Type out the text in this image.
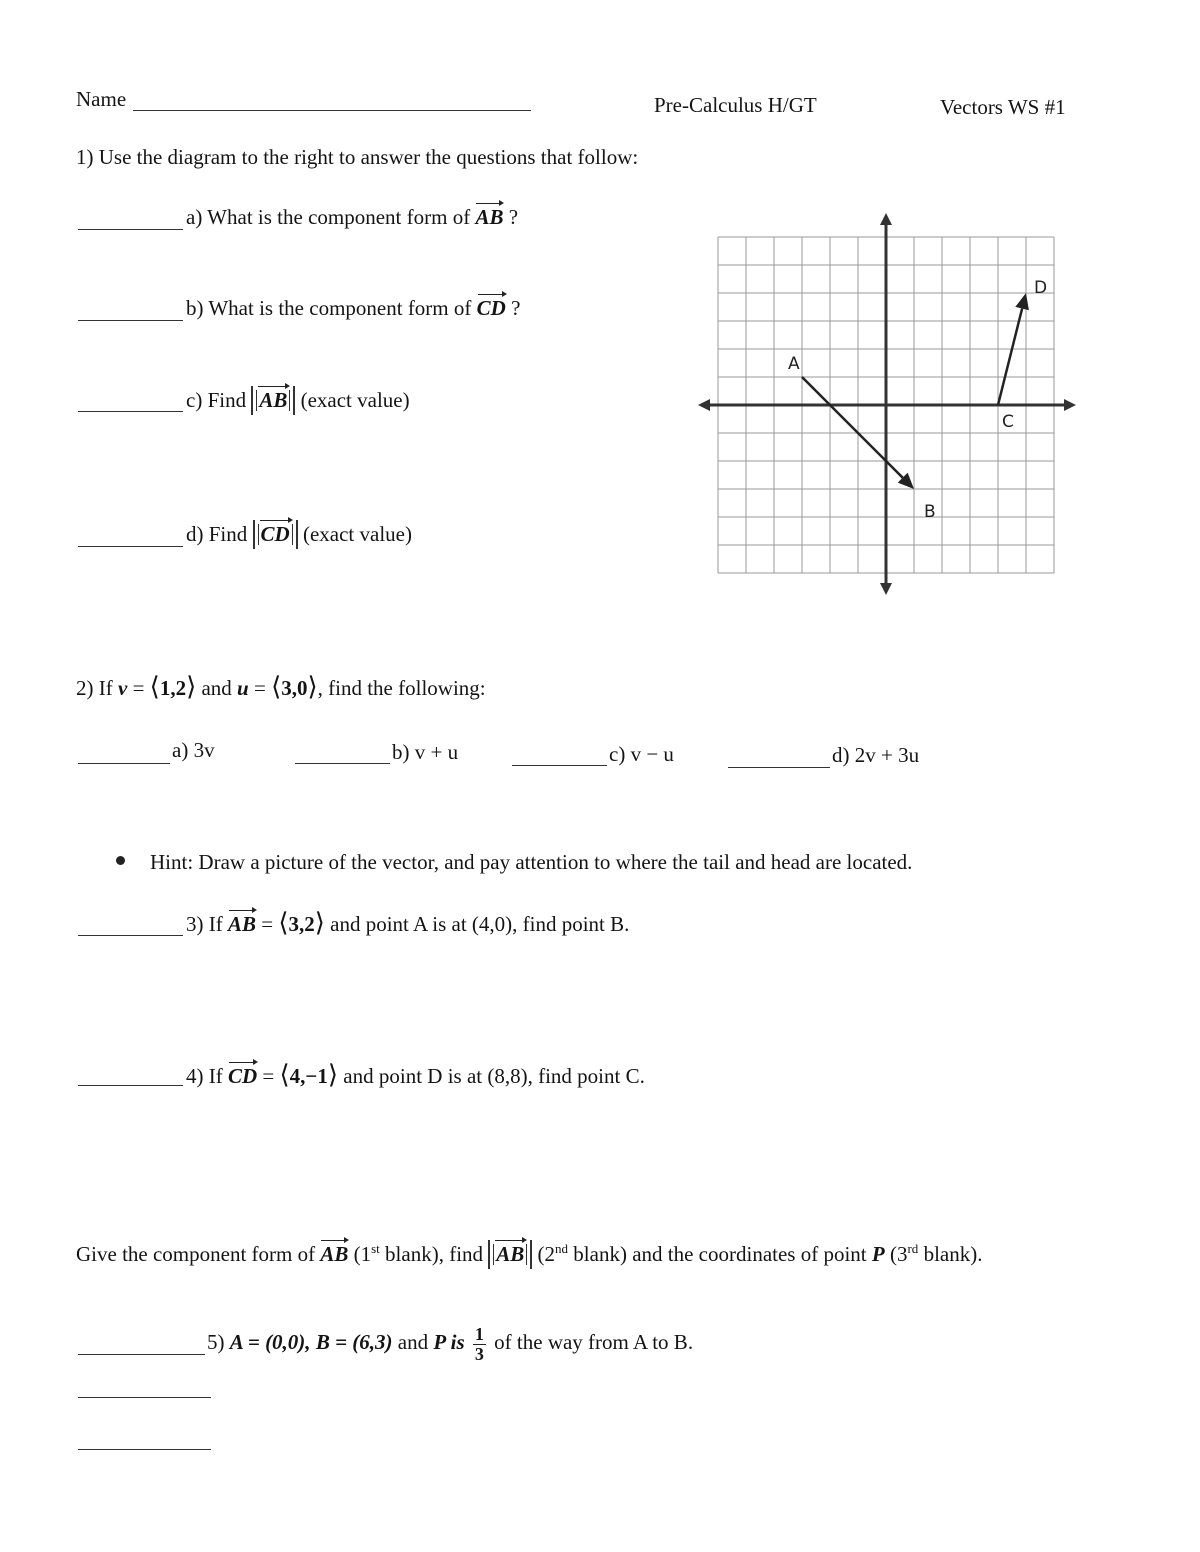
Name	Pre-Calculus H/GT	Vectors WS #1
1) Use the diagram to the right to answer the questions that follow:
a) What is the component form of AB ?
b) What is the component form of CD ?
c) Find AB (exact value)
d) Find CD (exact value)
A
B
C
D
2) If v = ⟨1,2⟩ and u = ⟨3,0⟩, find the following:
a) 3v	b) v + u	c) v − u	d) 2v + 3u
Hint: Draw a picture of the vector, and pay attention to where the tail and head are located.
3) If AB = ⟨3,2⟩ and point A is at (4,0), find point B.
4) If CD = ⟨4,−1⟩ and point D is at (8,8), find point C.
Give the component form of AB (1st blank), find AB (2nd blank) and the coordinates of point P (3rd blank).
5) A = (0,0), B = (6,3) and P is $\frac{1}{3}$ of the way from A to B.
